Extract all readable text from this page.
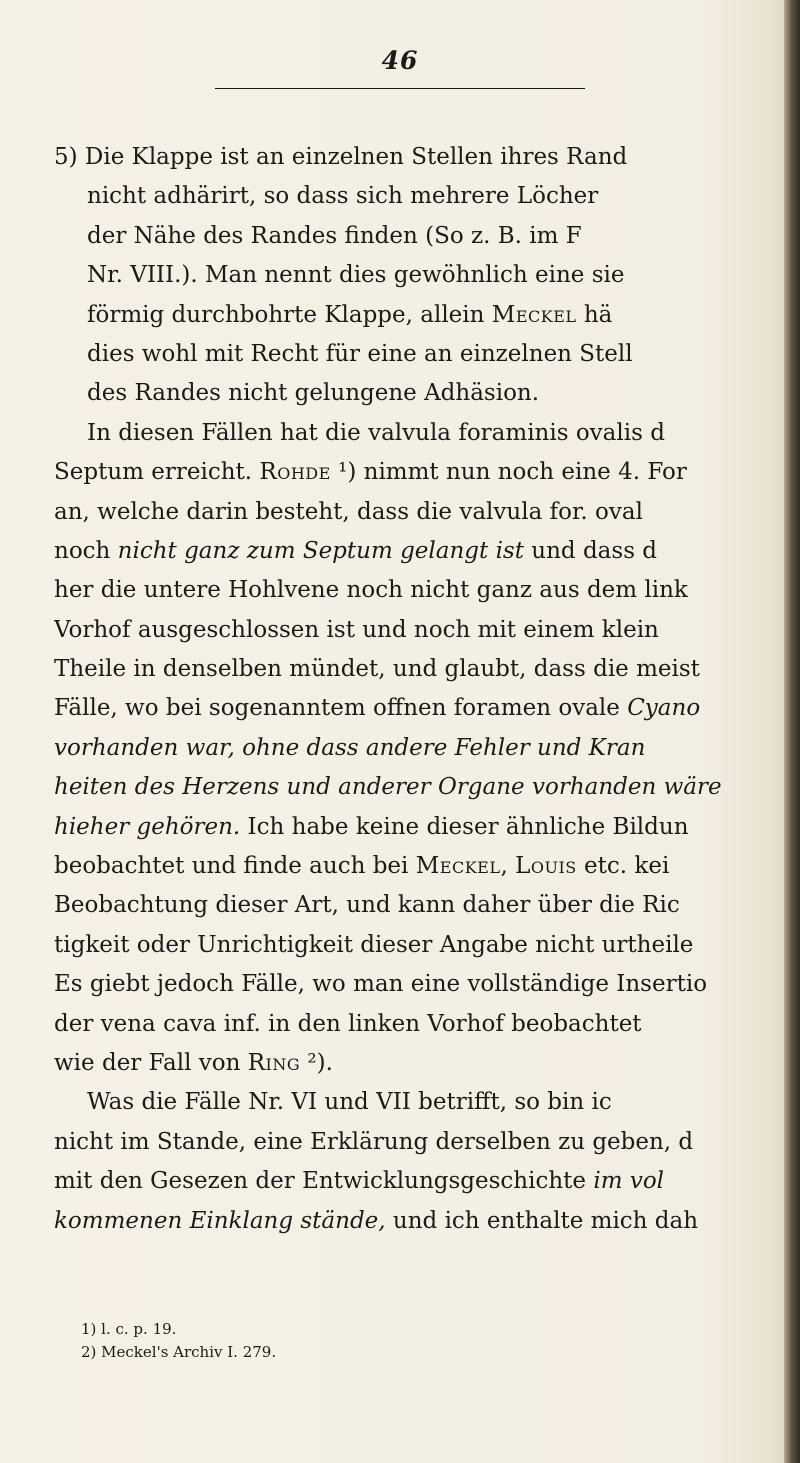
46
5) Die Klappe ist an einzelnen Stellen ihres Rand
nicht adhärirt, so dass sich mehrere Löcher
der Nähe des Randes finden (So z. B. im F
Nr. VIII.). Man nennt dies gewöhnlich eine sie
förmig durchbohrte Klappe, allein Meckel hä
dies wohl mit Recht für eine an einzelnen Stell
des Randes nicht gelungene Adhäsion.
In diesen Fällen hat die valvula foraminis ovalis d
Septum erreicht. Rohde ¹) nimmt nun noch eine 4. For
an, welche darin besteht, dass die valvula for. oval
noch nicht ganz zum Septum gelangt ist und dass d
her die untere Hohlvene noch nicht ganz aus dem link
Vorhof ausgeschlossen ist und noch mit einem klein
Theile in denselben mündet, und glaubt, dass die meist
Fälle, wo bei sogenanntem offnen foramen ovale Cyano
vorhanden war, ohne dass andere Fehler und Kran
heiten des Herzens und anderer Organe vorhanden wäre
hieher gehören. Ich habe keine dieser ähnliche Bildun
beobachtet und finde auch bei Meckel, Louis etc. kei
Beobachtung dieser Art, und kann daher über die Ric
tigkeit oder Unrichtigkeit dieser Angabe nicht urtheile
Es giebt jedoch Fälle, wo man eine vollständige Insertio
der vena cava inf. in den linken Vorhof beobachtet
wie der Fall von Ring ²).
Was die Fälle Nr. VI und VII betrifft, so bin ic
nicht im Stande, eine Erklärung derselben zu geben, d
mit den Gesezen der Entwicklungsgeschichte im vol
kommenen Einklang stände, und ich enthalte mich dah
1) l. c. p. 19.
2) Meckel's Archiv I. 279.
